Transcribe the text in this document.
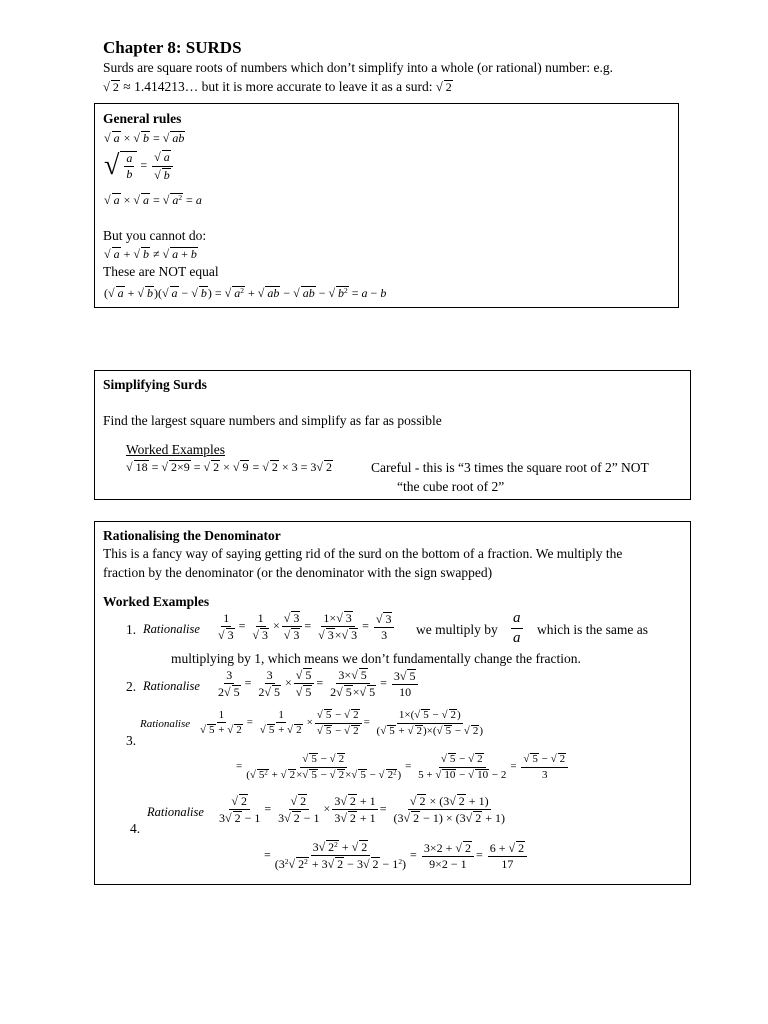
Chapter 8: SURDS
Surds are square roots of numbers which don’t simplify into a whole (or rational) number: e.g.
√ 2 ≈ 1.414213… but it is more accurate to leave it as a surd: √ 2
General rules
√ a × √ b = √ ab
√ $\frac{a}{b} = \frac{√ a}{√ b}$
√ a × √ a = √ $a^2 = a$
But you cannot do:
√ a + √ b ≠ √ a + b
These are NOT equal
(√ a + √ b)(√ a − √ b) = √ $a^2$ + √ ab − √ ab − √ $b^2 = a - b$
Simplifying Surds
Find the largest square numbers and simplify as far as possible
Worked Examples
√ 18 = √ 2×9 = √ 2 × √ 9 = √ 2 × 3 = 3√ 2	Careful - this is “3 times the square root of 2” NOT
“the cube root of 2”
Rationalising the Denominator
This is a fancy way of saying getting rid of the surd on the bottom of a fraction. We multiply the
fraction by the denominator (or the denominator with the sign swapped)
Worked Examples
1. Rationalise $\frac{1}{√ 3} = \frac{1}{√ 3} \times \frac{√ 3}{√ 3} = \frac{1\times√ 3}{√ 3\times√ 3} = \frac{√ 3}{3}$ we multiply by $\frac{a}{a}$ which is the same as
multiplying by 1, which means we don’t fundamentally change the fraction.
2. Rationalise $\frac{3}{2√ 5} = \frac{3}{2√ 5} \times \frac{√ 5}{√ 5} = \frac{3\times√ 5}{2√ 5\times√ 5} = \frac{3√ 5}{10}$
3.
Rationalise $\frac{1}{√ 5 + √ 2} = \frac{1}{√ 5 + √ 2} \times \frac{√ 5 - √ 2}{√ 5 - √ 2} = \frac{1\times(√ 5 - √ 2)}{(√ 5 + √ 2)\times(√ 5 - √ 2)}$
= $\frac{√ 5 - √ 2}{(√ 5^2 + √ 2\times√ 5 - √ 2\times√ 5 - √ 2^2)} = \frac{√ 5 - √ 2}{5 + √ 10 - √ 10 - 2} = \frac{√ 5 - √ 2}{3}$
4.
Rationalise $\frac{√ 2}{3√ 2 - 1} = \frac{√ 2}{3√ 2 - 1} \times \frac{3√ 2 + 1}{3√ 2 + 1} = \frac{√ 2 \times (3√ 2 + 1)}{(3√ 2 - 1) \times (3√ 2 + 1)}$
= $\frac{3√ 2^2 + √ 2}{(3^2√ 2^2 + 3√ 2 - 3√ 2 - 1^2)} = \frac{3\times 2 + √ 2}{9\times 2 - 1} = \frac{6 + √ 2}{17}$
